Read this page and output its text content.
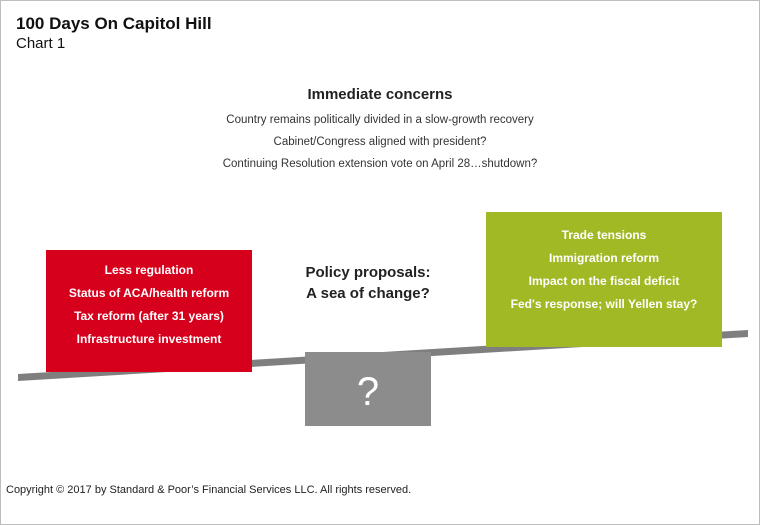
100 Days On Capitol Hill
Chart 1
Immediate concerns
Country remains politically divided in a slow-growth recovery
Cabinet/Congress aligned with president?
Continuing Resolution extension vote on April 28…shutdown?
Less regulation
Status of ACA/health reform
Tax reform (after 31 years)
Infrastructure investment
Trade tensions
Immigration reform
Impact on the fiscal deficit
Fed's response; will Yellen stay?
Policy proposals:
A sea of change?
?
Copyright © 2017 by Standard & Poor’s Financial Services LLC. All rights reserved.
